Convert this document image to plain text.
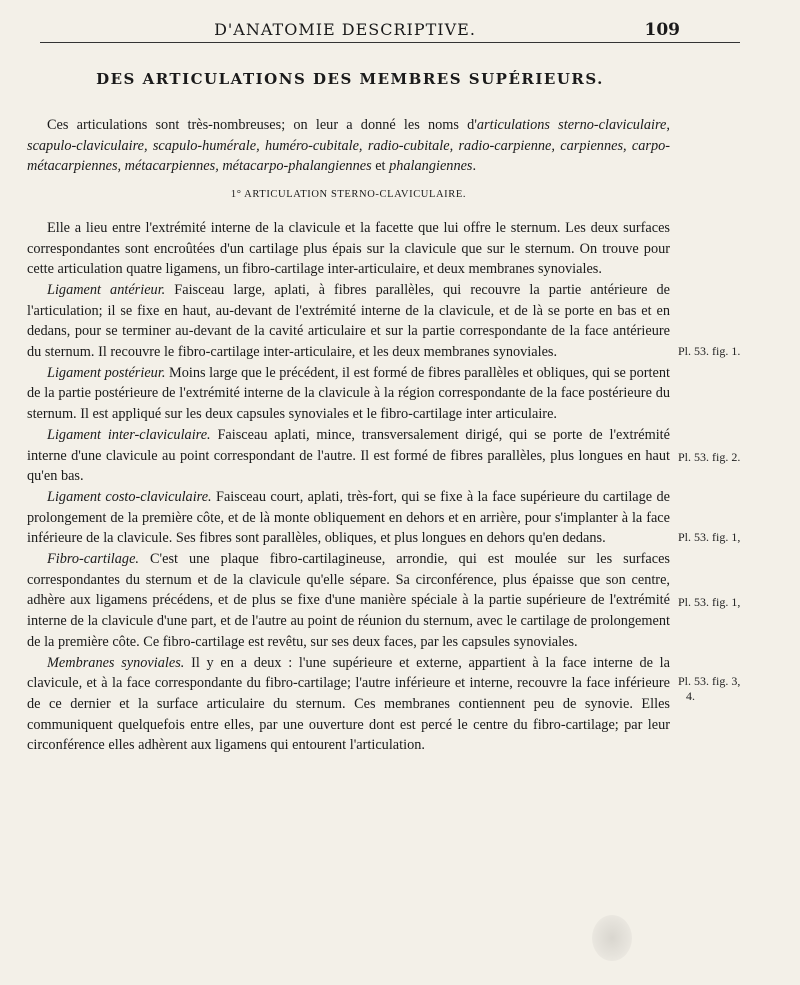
D'ANATOMIE DESCRIPTIVE.	109
DES ARTICULATIONS DES MEMBRES SUPÉRIEURS.

Ces articulations sont très-nombreuses; on leur a donné les noms d'articulations sterno-claviculaire, scapulo-claviculaire, scapulo-humérale, huméro-cubitale, radio-cubitale, radio-carpienne, carpiennes, carpo-métacarpiennes, métacarpiennes, métacarpo-phalangiennes et phalangiennes.

1° ARTICULATION STERNO-CLAVICULAIRE.

Elle a lieu entre l'extrémité interne de la clavicule et la facette que lui offre le sternum. Les deux surfaces correspondantes sont encroûtées d'un cartilage plus épais sur la clavicule que sur le sternum. On trouve pour cette articulation quatre ligamens, un fibro-cartilage inter-articulaire, et deux membranes synoviales.

Ligament antérieur. Faisceau large, aplati, à fibres parallèles, qui recouvre la partie antérieure de l'articulation; il se fixe en haut, au-devant de l'extrémité interne de la clavicule, et de là se porte en bas et en dedans, pour se terminer au-devant de la cavité articulaire et sur la partie correspondante de la face antérieure du sternum. Il recouvre le fibro-cartilage inter-articulaire, et les deux membranes synoviales.

Ligament postérieur. Moins large que le précédent, il est formé de fibres parallèles et obliques, qui se portent de la partie postérieure de l'extrémité interne de la clavicule à la région correspondante de la face postérieure du sternum. Il est appliqué sur les deux capsules synoviales et le fibro-cartilage inter articulaire.

Ligament inter-claviculaire. Faisceau aplati, mince, transversalement dirigé, qui se porte de l'extrémité interne d'une clavicule au point correspondant de l'autre. Il est formé de fibres parallèles, plus longues en haut qu'en bas.

Ligament costo-claviculaire. Faisceau court, aplati, très-fort, qui se fixe à la face supérieure du cartilage de prolongement de la première côte, et de là monte obliquement en dehors et en arrière, pour s'implanter à la face inférieure de la clavicule. Ses fibres sont parallèles, obliques, et plus longues en dehors qu'en dedans.

Fibro-cartilage. C'est une plaque fibro-cartilagineuse, arrondie, qui est moulée sur les surfaces correspondantes du sternum et de la clavicule qu'elle sépare. Sa circonférence, plus épaisse que son centre, adhère aux ligamens précédens, et de plus se fixe d'une manière spéciale à la partie supérieure de l'extrémité interne de la clavicule d'une part, et de l'autre au point de réunion du sternum, avec le cartilage de prolongement de la première côte. Ce fibro-cartilage est revêtu, sur ses deux faces, par les capsules synoviales.

Membranes synoviales. Il y en a deux : l'une supérieure et externe, appartient à la face interne de la clavicule, et à la face correspondante du fibro-cartilage; l'autre inférieure et interne, recouvre la face inférieure de ce dernier et la surface articulaire du sternum. Ces membranes contiennent peu de synovie. Elles communiquent quelquefois entre elles, par une ouverture dont est percé le centre du fibro-cartilage; par leur circonférence elles adhèrent aux ligamens qui entourent l'articulation.

Pl. 53. fig. 1.
Pl. 53. fig. 2.
Pl. 53. fig. 1,
Pl. 53. fig. 1,
Pl. 53. fig. 3,
4.
